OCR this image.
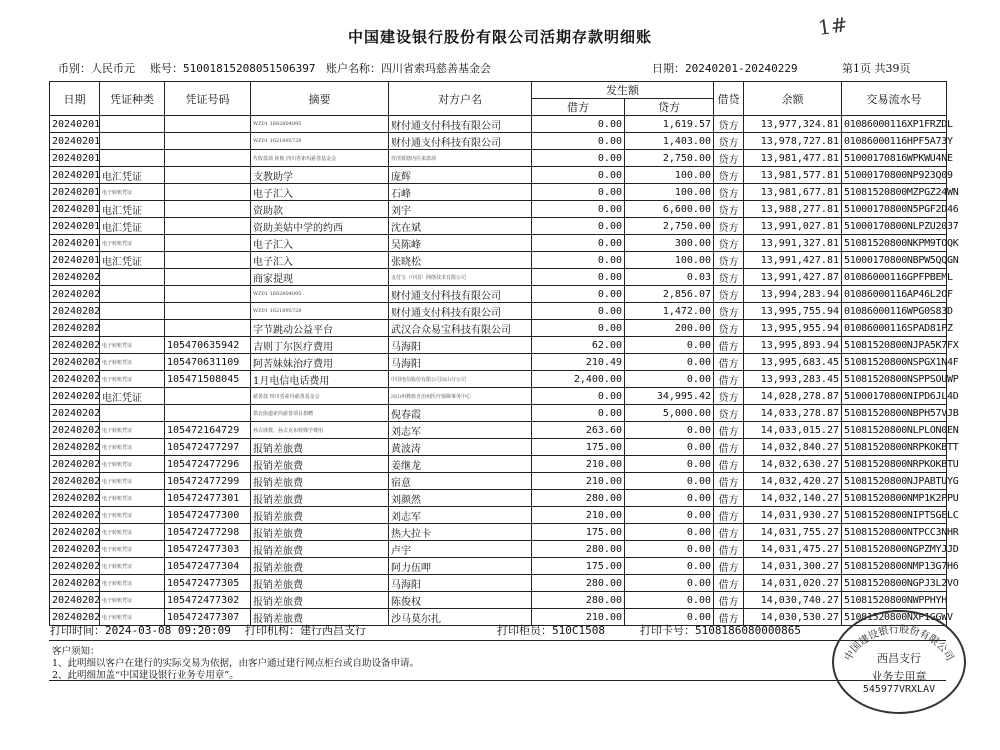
中国建设银行股份有限公司活期存款明细账	1#
币别：人民币元 账号：51001815208051506397 账户名称：四川省索玛慈善基金会	日期：20240201-20240229	第1页 共39页
日期	凭证种类	凭证号码	摘要	对方户名	发生额		借贷	余额	交易流水号
					借方	贷方			
20240201			WZ01 1682804895	财付通支付科技有限公司	0.00	1,619.57	贷方	13,977,324.81	01086000116XP1FRZDL
20240201			WZ01 1621895728	财付通支付科技有限公司	0.00	1,403.00	贷方	13,978,727.81	01086000116HPF5A73Y
20240201			代收款项 转账 四川省索玛慈善基金会	待清算辖内往来款项	0.00	2,750.00	贷方	13,981,477.81	51000170816WPKWU4NE
20240201	电汇凭证		支教助学	庞辉	0.00	100.00	贷方	13,981,577.81	51000170800NP923Q09
20240201	电子转账凭证		电子汇入	石峰	0.00	100.00	贷方	13,981,677.81	51081520800MZPGZ24WN
20240201	电汇凭证		资助款	刘宇	0.00	6,600.00	贷方	13,988,277.81	51000170800N5PGF2D46
20240201	电汇凭证		资助美姑中学的约西	沈在斌	0.00	2,750.00	贷方	13,991,027.81	51000170800NLPZU2037
20240201	电子转账凭证		电子汇入	吴陈峰	0.00	300.00	贷方	13,991,327.81	51081520800NKPM9TOQK
20240201	电汇凭证		电子汇入	张晓松	0.00	100.00	贷方	13,991,427.81	51000170800NBPW5QQGN
20240202			商家提现	支付宝（中国）网络技术有限公司	0.00	0.03	贷方	13,991,427.87	01086000116GPFPBEML
20240202			WZ01 1682804895	财付通支付科技有限公司	0.00	2,856.07	贷方	13,994,283.94	01086000116AP46L2OF
20240202			WZ01 1621895728	财付通支付科技有限公司	0.00	1,472.00	贷方	13,995,755.94	01086000116WPG0S83D
20240202			字节跳动公益平台	武汉合众易宝科技有限公司	0.00	200.00	贷方	13,995,955.94	01086000116SPAD81PZ
20240202	电子转账凭证	105470635942	吉则丁尔医疗费用	马海阳	62.00	0.00	借方	13,995,893.94	51081520800NJPA5K7FX
20240202	电子转账凭证	105470631109	阿苦妹妹治疗费用	马海阳	210.49	0.00	借方	13,995,683.45	51081520800NSPGX1N4F
20240202	电子转账凭证	105471508045	1月电信电话费用	中国电信股份有限公司凉山分公司	2,400.00	0.00	借方	13,993,283.45	51081520800NSPPSOUWP
20240202	电汇凭证		慈善款 四川省索玛慈善基金会	凉山州彝族自治州医疗保障事务中心	0.00	34,995.42	贷方	14,028,278.87	51000170800NIPD6JL4D
20240202			拱北街道索玛慈善项目捐赠	倪春霞	0.00	5,000.00	贷方	14,033,278.87	51081520800NBPH57VJB
20240202	电子转账凭证	105472164729	孙古坡教、孙古克布特殊学费用	刘志军	263.60	0.00	借方	14,033,015.27	51081520800NLPLON0EN
20240202	电子转账凭证	105472477297	报销差旅费	黄波涛	175.00	0.00	借方	14,032,840.27	51081520800NRPKOKBTT
20240202	电子转账凭证	105472477296	报销差旅费	姜继龙	210.00	0.00	借方	14,032,630.27	51081520800NRPKOKBTU
20240202	电子转账凭证	105472477299	报销差旅费	宿意	210.00	0.00	借方	14,032,420.27	51081520800NJPABTUYG
20240202	电子转账凭证	105472477301	报销差旅费	刘颜然	280.00	0.00	借方	14,032,140.27	51081520800NMP1K2PPU
20240202	电子转账凭证	105472477300	报销差旅费	刘志军	210.00	0.00	借方	14,031,930.27	51081520800NIPTSGELC
20240202	电子转账凭证	105472477298	报销差旅费	热大拉卡	175.00	0.00	借方	14,031,755.27	51081520800NTPCC3NHR
20240202	电子转账凭证	105472477303	报销差旅费	卢宇	280.00	0.00	借方	14,031,475.27	51081520800NGPZMYJJD
20240202	电子转账凭证	105472477304	报销差旅费	阿力伍呷	175.00	0.00	借方	14,031,300.27	51081520800NMP13G7H6
20240202	电子转账凭证	105472477305	报销差旅费	马海阳	280.00	0.00	借方	14,031,020.27	51081520800NGPJ3L2VO
20240202	电子转账凭证	105472477302	报销差旅费	陈俊权	280.00	0.00	借方	14,030,740.27	51081520800NWPPHYH
20240202	电子转账凭证	105472477307	报销差旅费	沙马莫尔扎	210.00	0.00	借方	14,030,530.27	51081520800NXP1GGWV
打印时间：2024-03-08 09:20:09 打印机构：建行西昌支行	打印柜员：510C1508	打印卡号：5108186080000865
客户须知：
1、此明细以客户在建行的实际交易为依据，由客户通过建行网点柜台或自助设备申请。
2、此明细加盖“中国建设银行业务专用章”。
中国建设银行股份有限公司
西昌支行
业务专用章
545977VRXLAV
